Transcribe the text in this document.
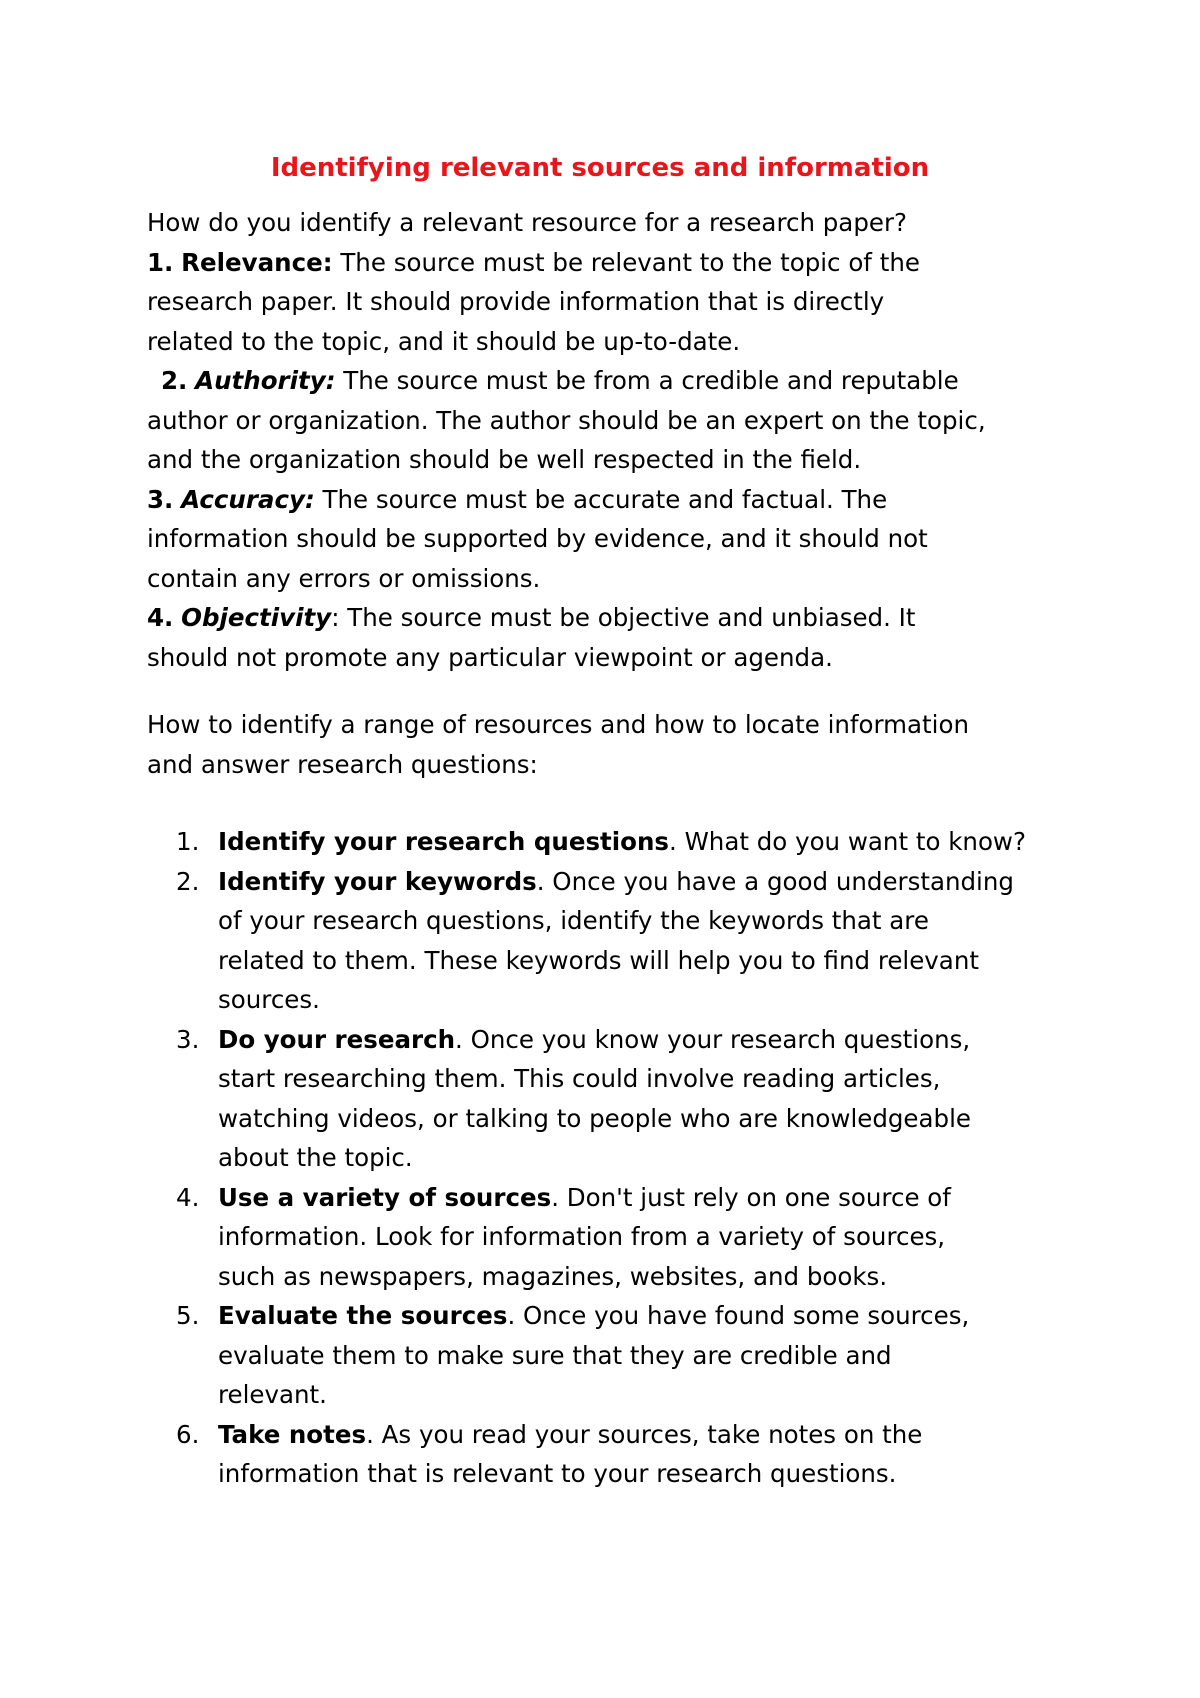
Identifying relevant sources and information
How do you identify a relevant resource for a research paper?
1. Relevance: The source must be relevant to the topic of the
research paper. It should provide information that is directly
related to the topic, and it should be up-to-date.
2. Authority: The source must be from a credible and reputable
author or organization. The author should be an expert on the topic,
and the organization should be well respected in the field.
3. Accuracy: The source must be accurate and factual. The
information should be supported by evidence, and it should not
contain any errors or omissions.
4. Objectivity: The source must be objective and unbiased. It
should not promote any particular viewpoint or agenda.
How to identify a range of resources and how to locate information
and answer research questions:
1. Identify your research questions. What do you want to know?
2. Identify your keywords. Once you have a good understanding
of your research questions, identify the keywords that are
related to them. These keywords will help you to find relevant
sources.
3. Do your research. Once you know your research questions,
start researching them. This could involve reading articles,
watching videos, or talking to people who are knowledgeable
about the topic.
4. Use a variety of sources. Don't just rely on one source of
information. Look for information from a variety of sources,
such as newspapers, magazines, websites, and books.
5. Evaluate the sources. Once you have found some sources,
evaluate them to make sure that they are credible and
relevant.
6. Take notes. As you read your sources, take notes on the
information that is relevant to your research questions.
